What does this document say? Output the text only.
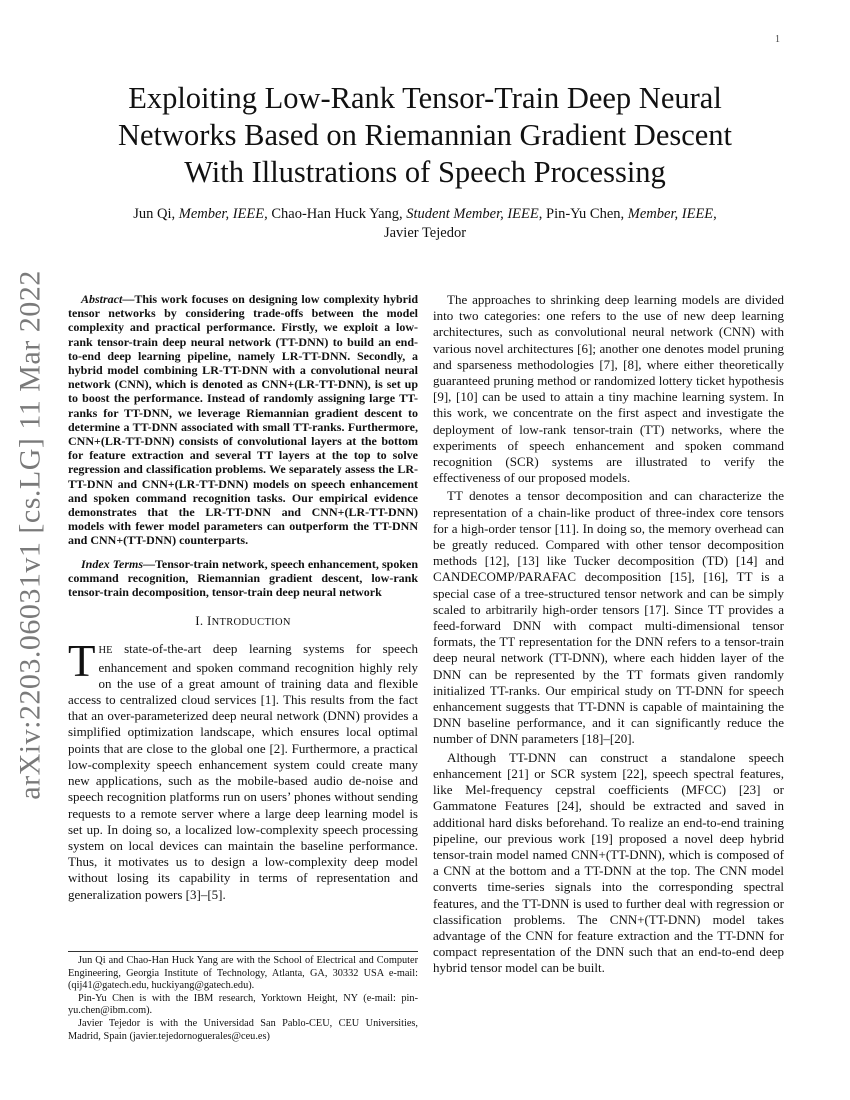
1
arXiv:2203.06031v1 [cs.LG] 11 Mar 2022
Exploiting Low-Rank Tensor-Train Deep Neural
Networks Based on Riemannian Gradient Descent
With Illustrations of Speech Processing
Jun Qi, Member, IEEE, Chao-Han Huck Yang, Student Member, IEEE, Pin-Yu Chen, Member, IEEE,
Javier Tejedor

Abstract—This work focuses on designing low complexity hybrid tensor networks by considering trade-offs between the model complexity and practical performance. Firstly, we exploit a low-rank tensor-train deep neural network (TT-DNN) to build an end-to-end deep learning pipeline, namely LR-TT-DNN. Secondly, a hybrid model combining LR-TT-DNN with a convolutional neural network (CNN), which is denoted as CNN+(LR-TT-DNN), is set up to boost the performance. Instead of randomly assigning large TT-ranks for TT-DNN, we leverage Riemannian gradient descent to determine a TT-DNN associated with small TT-ranks. Furthermore, CNN+(LR-TT-DNN) consists of convolutional layers at the bottom for feature extraction and several TT layers at the top to solve regression and classification problems. We separately assess the LR-TT-DNN and CNN+(LR-TT-DNN) models on speech enhancement and spoken command recognition tasks. Our empirical evidence demonstrates that the LR-TT-DNN and CNN+(LR-TT-DNN) models with fewer model parameters can outperform the TT-DNN and CNN+(TT-DNN) counterparts.

Index Terms—Tensor-train network, speech enhancement, spoken command recognition, Riemannian gradient descent, low-rank tensor-train decomposition, tensor-train deep neural network

I. INTRODUCTION

THE state-of-the-art deep learning systems for speech enhancement and spoken command recognition highly rely on the use of a great amount of training data and flexible access to centralized cloud services [1]. This results from the fact that an over-parameterized deep neural network (DNN) provides a simplified optimization landscape, which ensures local optimal points that are close to the global one [2]. Furthermore, a practical low-complexity speech enhancement system could create many new applications, such as the mobile-based audio de-noise and speech recognition platforms run on users’ phones without sending requests to a remote server where a large deep learning model is set up. In doing so, a localized low-complexity speech processing system on local devices can maintain the baseline performance. Thus, it motivates us to design a low-complexity deep model without losing its capability in terms of representation and generalization powers [3]–[5].

Jun Qi and Chao-Han Huck Yang are with the School of Electrical and Computer Engineering, Georgia Institute of Technology, Atlanta, GA, 30332 USA e-mail: (qij41@gatech.edu, huckiyang@gatech.edu).

Pin-Yu Chen is with the IBM research, Yorktown Height, NY (e-mail: pin-yu.chen@ibm.com).

Javier Tejedor is with the Universidad San Pablo-CEU, CEU Universities, Madrid, Spain (javier.tejedornoguerales@ceu.es)

The approaches to shrinking deep learning models are divided into two categories: one refers to the use of new deep learning architectures, such as convolutional neural network (CNN) with various novel architectures [6]; another one denotes model pruning and sparseness methodologies [7], [8], where either theoretically guaranteed pruning method or randomized lottery ticket hypothesis [9], [10] can be used to attain a tiny machine learning system. In this work, we concentrate on the first aspect and investigate the deployment of low-rank tensor-train (TT) networks, where the experiments of speech enhancement and spoken command recognition (SCR) systems are illustrated to verify the effectiveness of our proposed models.

TT denotes a tensor decomposition and can characterize the representation of a chain-like product of three-index core tensors for a high-order tensor [11]. In doing so, the memory overhead can be greatly reduced. Compared with other tensor decomposition methods [12], [13] like Tucker decomposition (TD) [14] and CANDECOMP/PARAFAC decomposition [15], [16], TT is a special case of a tree-structured tensor network and can be simply scaled to arbitrarily high-order tensors [17]. Since TT provides a feed-forward DNN with compact multi-dimensional tensor formats, the TT representation for the DNN refers to a tensor-train deep neural network (TT-DNN), where each hidden layer of the DNN can be represented by the TT formats given randomly initialized TT-ranks. Our empirical study on TT-DNN for speech enhancement suggests that TT-DNN is capable of maintaining the DNN baseline performance, and it can significantly reduce the number of DNN parameters [18]–[20].

Although TT-DNN can construct a standalone speech enhancement [21] or SCR system [22], speech spectral features, like Mel-frequency cepstral coefficients (MFCC) [23] or Gammatone Features [24], should be extracted and saved in additional hard disks beforehand. To realize an end-to-end training pipeline, our previous work [19] proposed a novel deep hybrid tensor-train model named CNN+(TT-DNN), which is composed of a CNN at the bottom and a TT-DNN at the top. The CNN model converts time-series signals into the corresponding spectral features, and the TT-DNN is used to further deal with regression or classification problems. The CNN+(TT-DNN) model takes advantage of the CNN for feature extraction and the TT-DNN for compact representation of the DNN such that an end-to-end deep hybrid tensor model can be built.
